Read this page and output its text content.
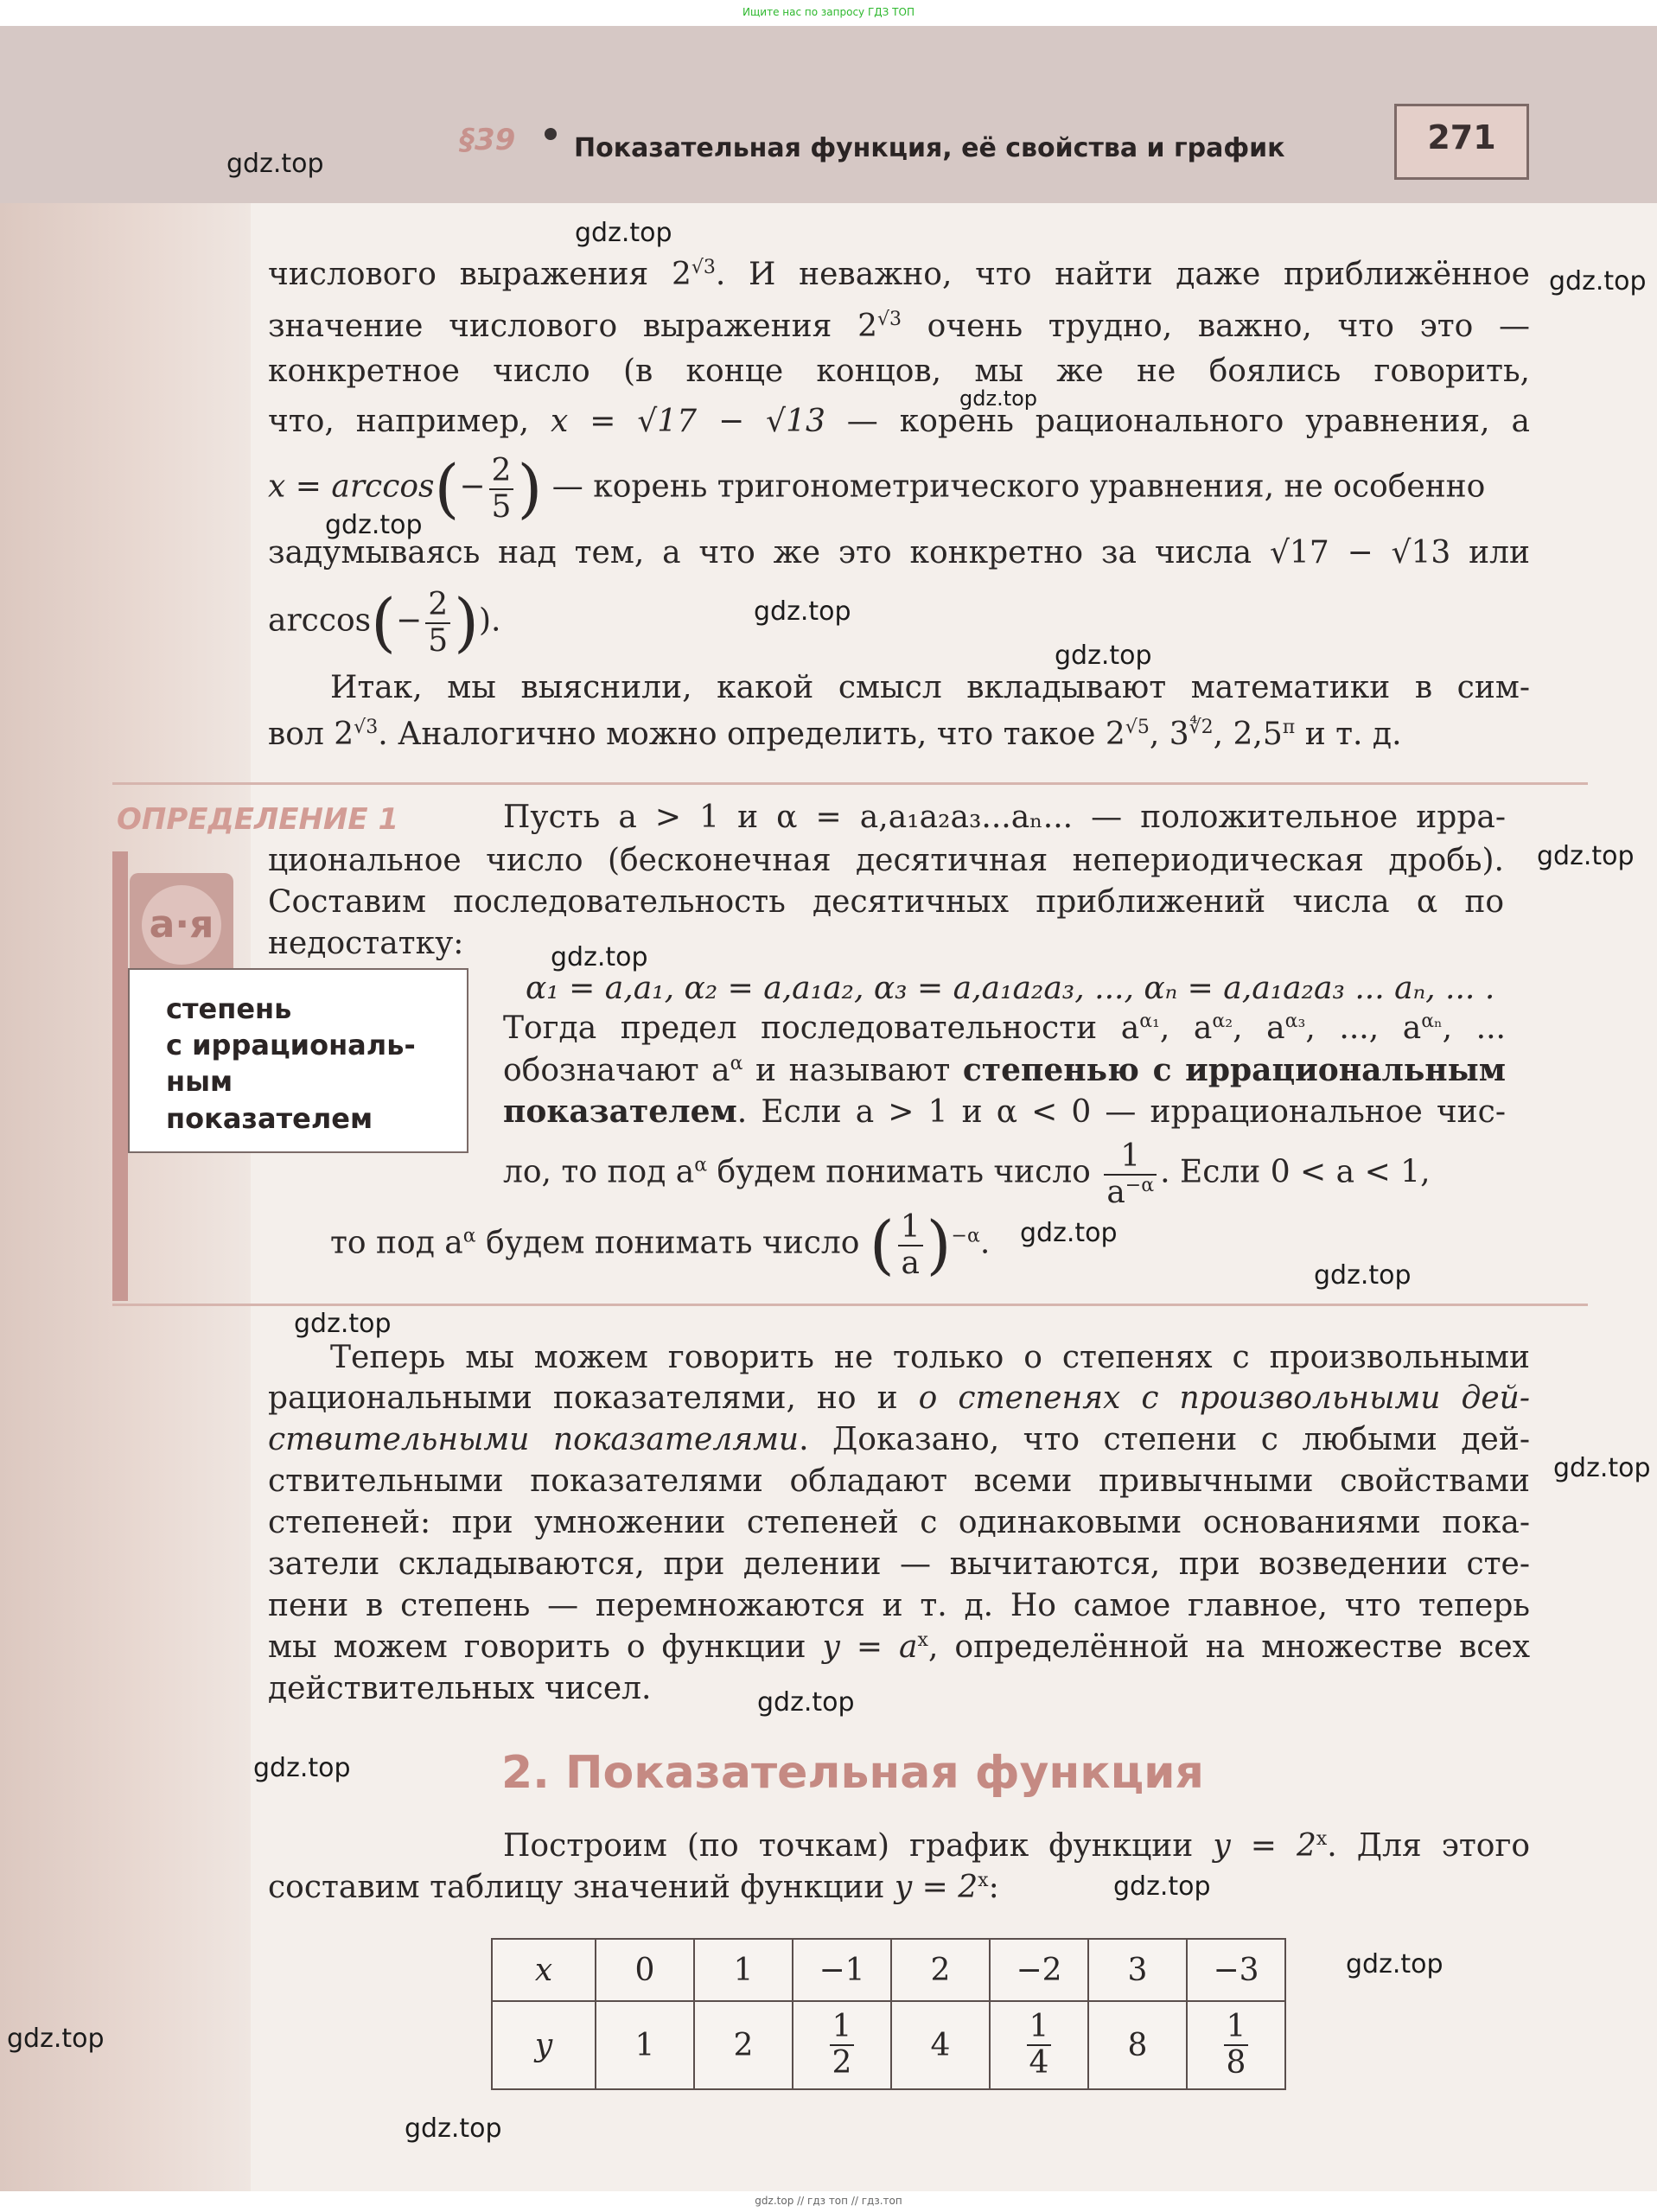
Ищите нас по запросу ГДЗ ТОП
§39 Показательная функция, её свойства и график	271
числового выражения $2^{√3}$. И неважно, что найти даже приближённое
значение числового выражения $2^{√3}$ очень трудно, важно, что это —
конкретное число (в конце концов, мы же не боялись говорить,
что, например, x = √17 − √13 — корень рационального уравнения, а
$x = \arccos(- \frac{2}{5}$ ) — корень тригонометрического уравнения, не особенно
задумываясь над тем, а что же это конкретно за числа √17 − √13 или
$\arccos(- \frac{2}{5}$ )).
Итак, мы выяснили, какой смысл вкладывают математики в сим-
вол $2^{√3}$. Аналогично можно определить, что такое $2^{√5}$, $3^{∜2}$, $2,5^\pi$ и т. д.
ОПРЕДЕЛЕНИЕ 1
а·я
степень
с иррациональ-
ным
показателем
Пусть a > 1 и α = a,a₁a₂a₃...aₙ... — положительное ирра-
циональное число (бесконечная десятичная непериодическая дробь).
Составим последовательность десятичных приближений числа α по
недостатку:
α₁ = a,a₁, α₂ = a,a₁a₂, α₃ = a,a₁a₂a₃, ..., αₙ = a,a₁a₂a₃ ... aₙ, ... .
Тогда предел последовательности $a^{\alpha_1}$, $a^{\alpha_2}$, $a^{\alpha_3}$, ..., $a^{\alpha_n}$, ...
обозначают $a^\alpha$ и называют степенью с иррациональным
показателем. Если a > 1 и α < 0 — иррациональное чис-
ло, то под $a^\alpha$ будем понимать число $\frac{1}{a^{-\alpha}}$ . Если 0 < a < 1,
то под $a^\alpha$ будем понимать число ( $\frac{1}{a} )^{-\alpha}$.
Теперь мы можем говорить не только о степенях с произвольными
рациональными показателями, но и о степенях с произвольными дей-
ствительными показателями. Доказано, что степени с любыми дей-
ствительными показателями обладают всеми привычными свойствами
степеней: при умножении степеней с одинаковыми основаниями пока-
затели складываются, при делении — вычитаются, при возведении сте-
пени в степень — перемножаются и т. д. Но самое главное, что теперь
мы можем говорить о функции $y = a^x$, определённой на множестве всех
действительных чисел.
2. Показательная функция
Построим (по точкам) график функции $y = 2^x$. Для этого
составим таблицу значений функции $y = 2^x$:
x	0	1	−1	2	−2	3	−3
y	1	2	$\frac{1}{2}$	4	$\frac{1}{4}$	8	$\frac{1}{8}$
gdz.top
gdz.top
gdz.top
gdz.top
gdz.top
gdz.top
gdz.top
gdz.top
gdz.top
gdz.top
gdz.top
gdz.top
gdz.top
gdz.top
gdz.top
gdz.top
gdz.top
gdz.top
gdz.top
gdz.top // гдз топ // гдз.топ
